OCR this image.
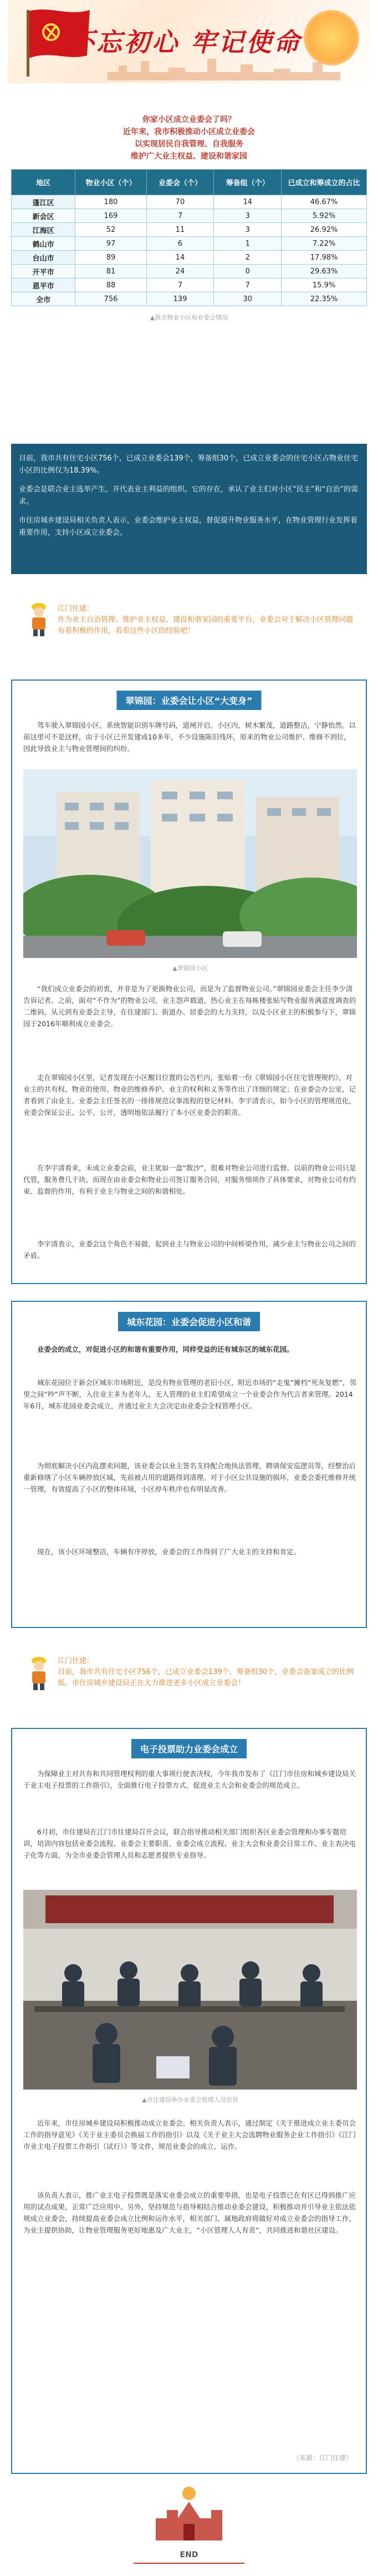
不忘初心 牢记使命

你家小区成立业委会了吗？

近年来，我市积极推动小区成立业委会

以实现居民自我管理、自我服务

维护广大业主权益、建设和谐家园

地区	物业小区（个）	业委会（个）	筹备组（个）	已成立和筹成立的占比
蓬江区	180	70	14	46.67%
新会区	169	7	3	5.92%
江海区	52	11	3	26.92%
鹤山市	97	6	1	7.22%
台山市	89	14	2	17.98%
开平市	81	24	0	29.63%
恩平市	88	7	7	15.9%
全市	756	139	30	22.35%
▲我市物业小区和业委会情况

目前，我市共有住宅小区756个，已成立业委会139个，筹备组30个，已成立业委会的住宅小区占物业住宅小区的比例仅为18.39%。

业委会是联合业主选举产生，并代表业主利益的组织。它的存在，承认了业主们对小区“民主”和“自治”的需求。

市住房城乡建设局相关负责人表示，业委会维护业主权益，督促提升物业服务水平，在物业管理行业发挥着重要作用，支持小区成立业委会。

江门住建：
作为业主自治管理、维护业主权益、建设和谐家园的重要平台，业委会对于解决小区管理问题有着积极的作用，看看这些小区的经验吧！
翠锦园：业委会让小区“大变身”
驾车驶入翠锦园小区，系统智能识别车牌号码，道闸开启。小区内，树木繁茂，道路整洁，宁静怡然。以前这里可不是这样，由于小区已开发建成10多年，不少设施陈旧残坏，原来的物业公司维护、维修不到位，因此导致业主与物业管理间的纠纷。
▲翠锦园小区
“我们成立业委会的初衷，并非是为了更换物业公司，而是为了监督物业公司。”翠锦园业委会主任李少清告诉记者。之前，面对“不作为”的物业公司，业主怨声载道，热心业主在每栋楼张贴写物业服务满意度调查的二维码，从元到有业委会主导，在住建部门、街道办、居委会的大力支持，以及小区业主的积极参与下，翠锦园于2016年顺利成立业委会。
走在翠锦园小区里，记者发现在小区醒目位置的公告栏内，张贴着一份《翠锦园小区住宅管理规约》，对业主的共有权、物业的使用、物业的维修养护、业主的权利和义务等作出了详细的规定；在业委会办公室，记者看到了由业主、业委会主任签名的一排排规范议事流程的登记材料。李宇清表示，如今小区的管理规范化，业委会保证公正、公平、公开，透明地依法履行了本小区业委会的职责。
在李宇清看来，未成立业委会前，业主犹如一盘“散沙”，很难对物业公司进行监督。以前的物业公司只是代管，服务费几千块、而现在由业委会和物业公司签订服务合同，对服务细项作了具体要求，对物业公司有约束、监督的作用，有利于业主与物业之间的和谐相处。
李宇清表示，业委会这个角色不易做，起到业主与物业公司的中间桥梁作用，减少业主与物业公司之间的矛盾。
城东花园：业委会促进小区和谐
业委会的成立，对促进小区的和谐有重要作用，同样受益的还有城东区的城东花园。
城东花园位于新会区城东市场附近，是没有物业管理的老旧小区，附近市场的“走鬼”摊档“死灰复燃”，邻里之间“吵”声不断，入住业主多为老年人，无人管理的业主们希望成立一个业委会作为代言者来管理。2014年6月，城东花园业委会成立，并通过业主大会决定由业委会全权管理小区。
为彻底解决小区内乱摆卖问题，该业委会以业主签名支持配合地执法管理，聘请保安巡逻员等，经整治后重新修缮了小区车辆停放区域，先前被占用的道路得到清理。对于小区公共设施的损坏，业委会委托维修并统一管理，有效提高了小区的整体环境，小区停车秩序也有明显改善。
现在，该小区环境整洁，车辆有序停放，业委会的工作得到了广大业主的支持和肯定。
江门住建：
目前，我市共有住宅小区756个，已成立业委会139个，筹备组30个，业委会备案成立的比例低。市住房城乡建设局正在大力推进更多小区成立业委会！
电子投票助力业委会成立
为保障业主对共有和共同管理权利的重大事项行使表决权，今年我市发布了《江门市住房和城乡建设局关于业主电子投票的工作指引》，全面推行电子投票方式，促进业主大会和业委会的规范成立。
6月初，市住建局在江门市住建局召开会议，联合指导推动相关部门组织各区业委会管理和办事专题培训，培训内容包括业委会流程、业委会主要职责、业委会成立流程、业主大会和业委会日常工作、业主表决电子化等方面，为全市业委会管理人员和志愿者提供专业指导。
▲市住建局举办业委会管理人员培训
近年来，市住房城乡建设局积极推动成立业委会。相关负责人表示，通过制定《关于推进成立业主委员会工作的指导意见》《关于业主委员会换届工作的指引》以及《关于业主大会选聘物业服务企业工作指引》《江门市业主电子投票工作指引（试行）》等文件，规范业委会的成立、运作。
该负责人表示，推广业主电子投票既是落实业委会成立的重要举措，也是电子投票已在有区已得到推广应用的试点成果，正常广泛应用中。另外，坚持规范与指导相结合推动业委会建设，积极推动并引导业主依法依规成立业委会，持续提高业委会成立比例和运作水平，相关部门、属地政府将做好对成立业委会的指导工作，为业主提供协助，让物业管理服务更好地惠及广大业主，“小区管理人人有责”，共同推进和谐社区建设。
（来源：江门住建）
END
